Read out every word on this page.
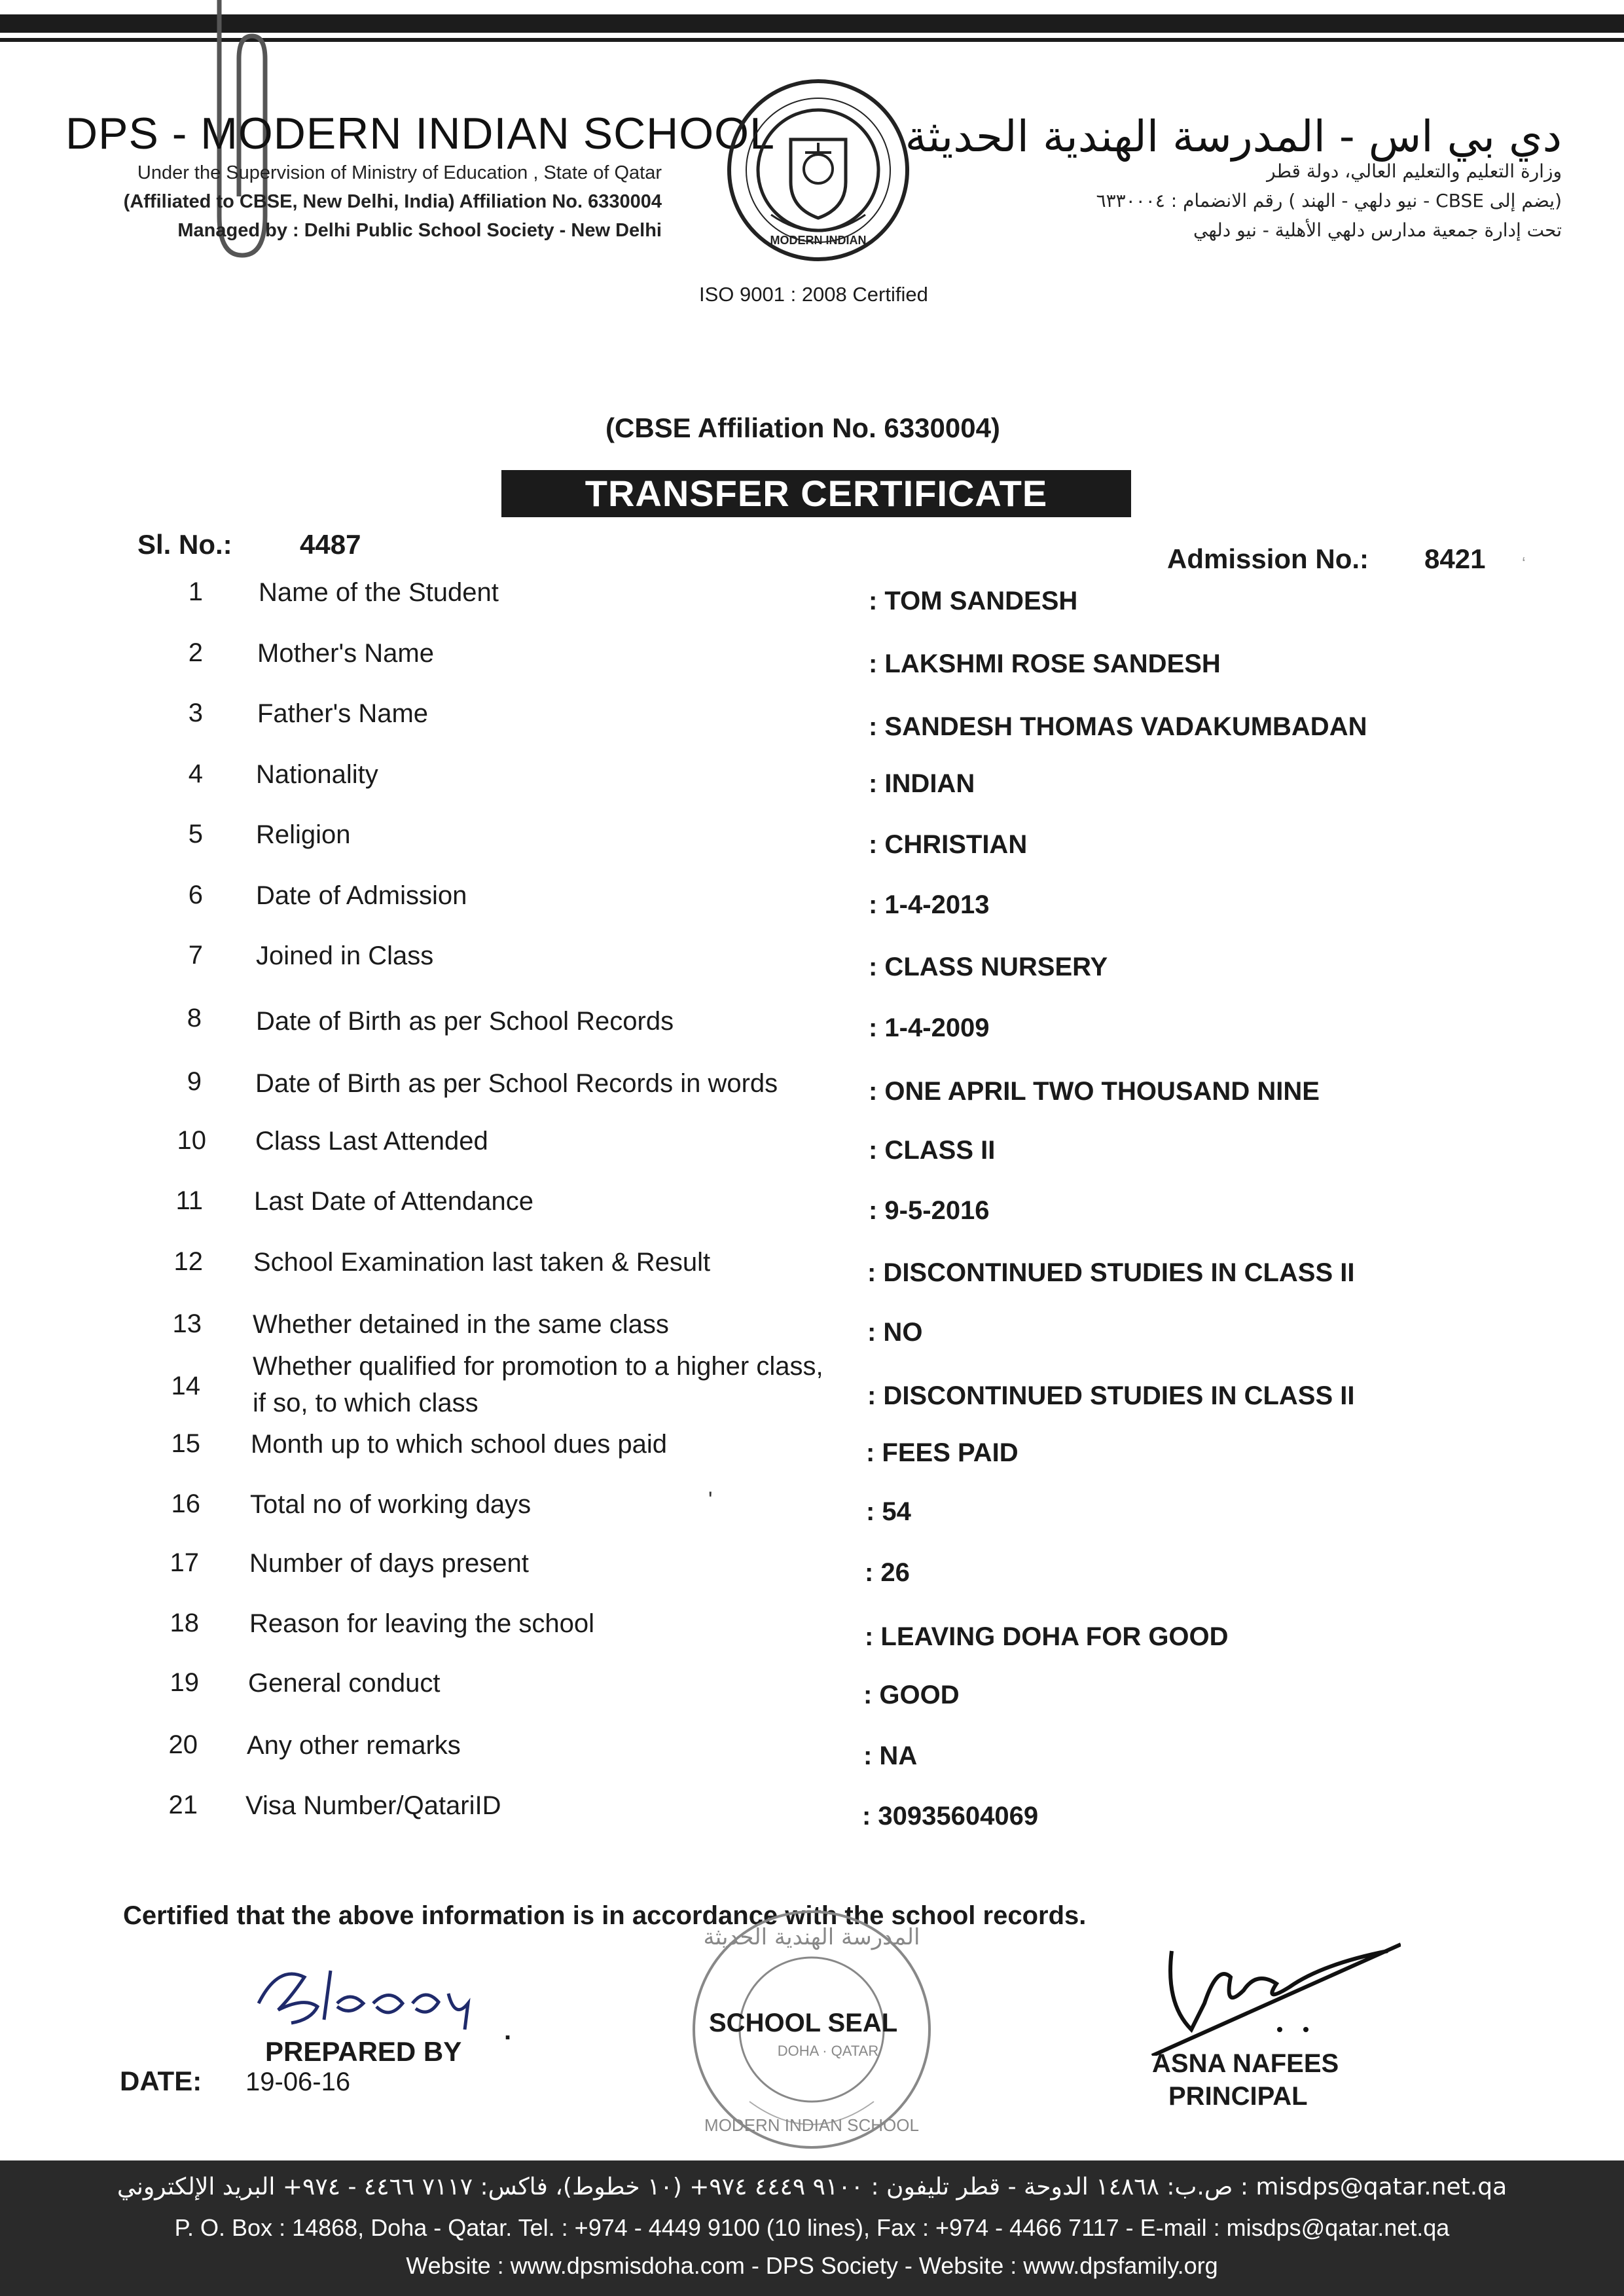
DPS - MODERN INDIAN SCHOOL
Under the Supervision of Ministry of Education , State of Qatar
(Affiliated to CBSE, New Delhi, India) Affiliation No. 6330004
Managed by : Delhi Public School Society - New Delhi	MODERN INDIAN
دي بي اس - المدرسة الهندية الحديثة
وزارة التعليم والتعليم العالي، دولة قطر
(يضم إلى CBSE - نيو دلهي - الهند ) رقم الانضمام : ٦٣٣٠٠٠٤
تحت إدارة جمعية مدارس دلهي الأهلية - نيو دلهي
ISO 9001 : 2008 Certified
(CBSE Affiliation No. 6330004)
TRANSFER CERTIFICATE
Sl. No.: 4487	Admission No.: 8421
1 Name of the Student	: TOM SANDESH
2 Mother's Name	: LAKSHMI ROSE SANDESH
3 Father's Name	: SANDESH THOMAS VADAKUMBADAN
4 Nationality	: INDIAN
5 Religion	: CHRISTIAN
6 Date of Admission	: 1-4-2013
7 Joined in Class	: CLASS NURSERY
8 Date of Birth as per School Records	: 1-4-2009
9 Date of Birth as per School Records in words	: ONE APRIL TWO THOUSAND NINE
10 Class Last Attended	: CLASS II
11 Last Date of Attendance	: 9-5-2016
12 School Examination last taken & Result	: DISCONTINUED STUDIES IN CLASS II
13 Whether detained in the same class	: NO
14
Whether qualified for promotion to a higher class,
if so, to which class	: DISCONTINUED STUDIES IN CLASS II
15 Month up to which school dues paid	: FEES PAID
16 Total no of working days	: 54
17 Number of days present	: 26
18 Reason for leaving the school	: LEAVING DOHA FOR GOOD
19 General conduct	: GOOD
20 Any other remarks	: NA
21 Visa Number/QatariID	: 30935604069
‘
'
Certified that the above information is in accordance with the school records.
.
PREPARED BY
DATE: 19-06-16
MODERN INDIAN SCHOOL
المدرسة الهندية الحديثة
DOHA · QATAR
SCHOOL SEAL
ASNA NAFEES
PRINCIPAL
misdps@qatar.net.qa : ص.ب: ١٤٨٦٨ الدوحة - قطر تليفون : ٩١٠٠ ٤٤٤٩ ٩٧٤+ (١٠ خطوط)، فاكس: ٧١١٧ ٤٤٦٦ - ٩٧٤+ البريد الإلكتروني
P. O. Box : 14868, Doha - Qatar. Tel. : +974 - 4449 9100 (10 lines), Fax : +974 - 4466 7117 - E-mail : misdps@qatar.net.qa
Website : www.dpsmisdoha.com - DPS Society - Website : www.dpsfamily.org
